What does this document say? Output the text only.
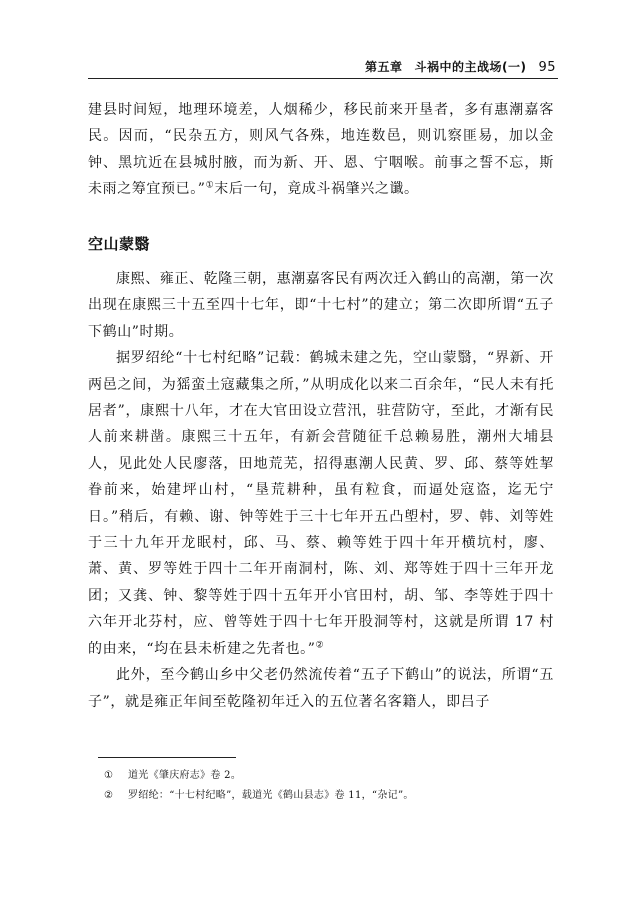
第五章 斗祸中的主战场(一) 95

建县时间短，地理环境差，人烟稀少，移民前来开垦者，多有惠潮嘉客民。因而，“民杂五方，则风气各殊，地连数邑，则讥察匪易，加以金钟、黑坑近在县城肘腋，而为新、开、恩、宁咽喉。前事之誓不忘，斯未雨之筹宜预已。”①末后一句，竟成斗祸肇兴之谶。

空山蒙翳

康熙、雍正、乾隆三朝，惠潮嘉客民有两次迁入鹤山的高潮，第一次出现在康熙三十五至四十七年，即“十七村”的建立；第二次即所谓“五子下鹤山”时期。

据罗绍纶“十七村纪略”记载：鹤城未建之先，空山蒙翳，“界新、开两邑之间，为猺蛮土寇藏集之所，”从明成化以来二百余年，“民人未有托居者”，康熙十八年，才在大官田设立营汛，驻营防守，至此，才渐有民人前来耕凿。康熙三十五年，有新会营随征千总赖易胜，潮州大埔县人，见此处人民廖落，田地荒芜，招得惠潮人民黄、罗、邱、蔡等姓挈眷前来，始建坪山村，“垦荒耕种，虽有粒食，而逼处寇盗，迄无宁日。”稍后，有赖、谢、钟等姓于三十七年开五凸塱村，罗、韩、刘等姓于三十九年开龙眠村，邱、马、蔡、赖等姓于四十年开横坑村，廖、萧、黄、罗等姓于四十二年开南洞村，陈、刘、郑等姓于四十三年开龙团；又龚、钟、黎等姓于四十五年开小官田村，胡、邹、李等姓于四十六年开北芬村，应、曾等姓于四十七年开股洞等村，这就是所谓 17 村的由来，“均在县未析建之先者也。”②

此外，至今鹤山乡中父老仍然流传着“五子下鹤山”的说法，所谓“五子”，就是雍正年间至乾隆初年迁入的五位著名客籍人，即吕子

①	道光《肇庆府志》卷 2。
②	罗绍纶：“十七村纪略”，载道光《鹤山县志》卷 11，“杂记”。
